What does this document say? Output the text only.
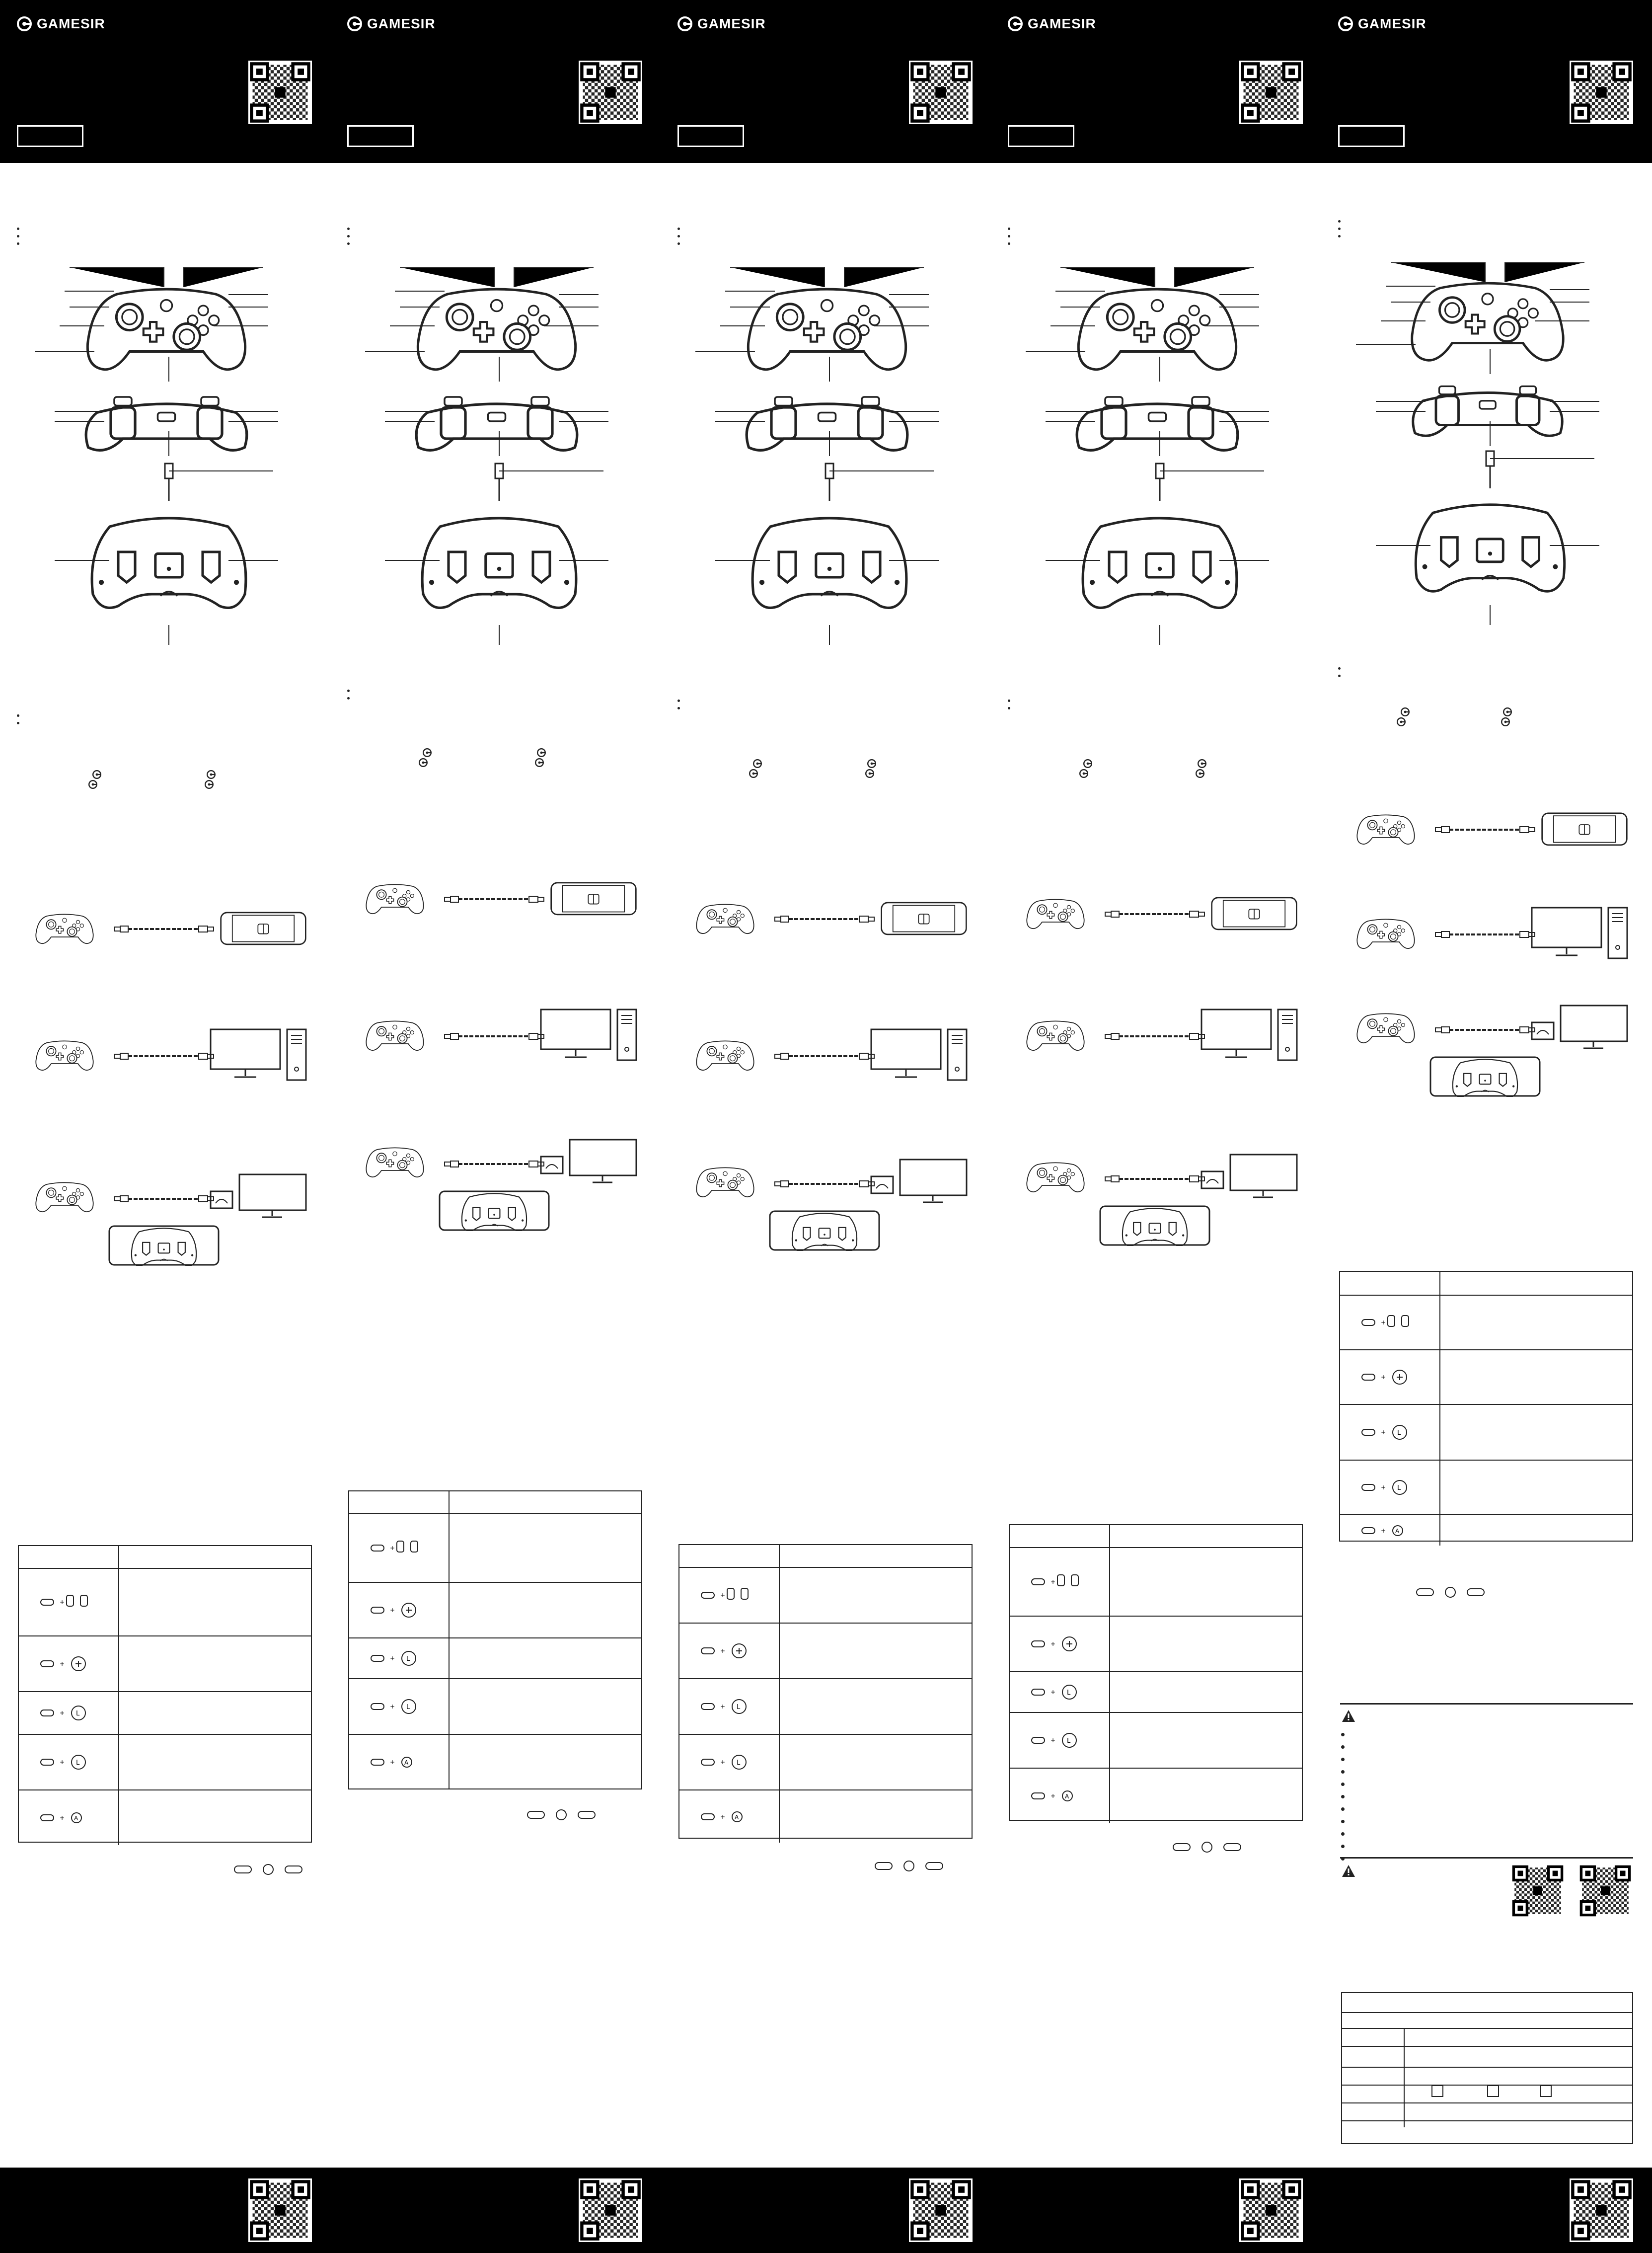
GAMESIR	GAMESIR	GAMESIR	GAMESIR	GAMESIR
+
+
+ L
+ L
+ A
+
+
+ L
+ L
+ A
+
+
+ L
+ L
+ A
+
+
+ L
+ L
+ A
+
+
+ L
+ L
+ A
